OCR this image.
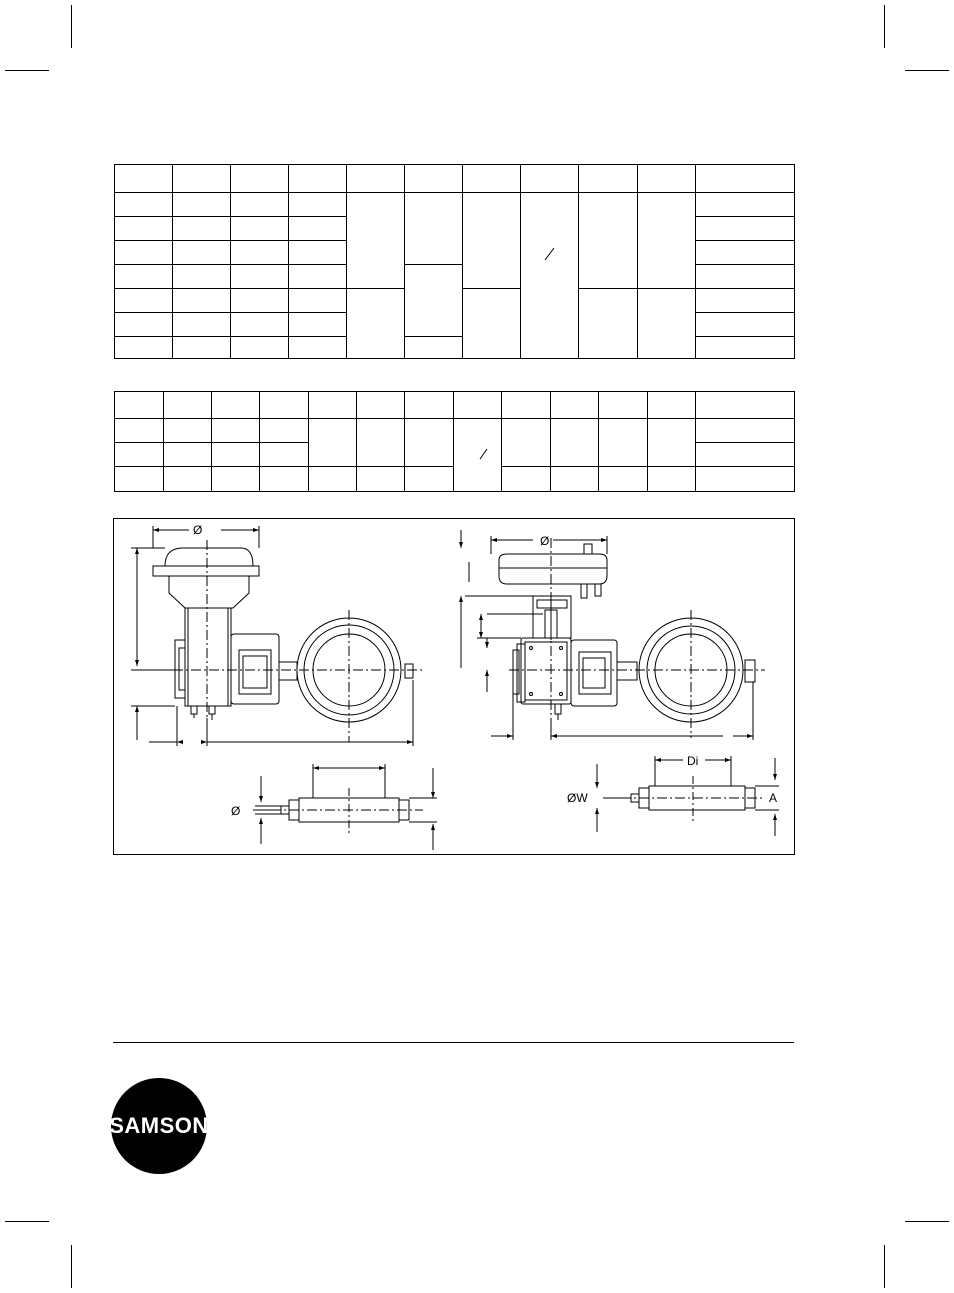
Ø
Ø
Ø
ØW
Di
A
SAMSON
